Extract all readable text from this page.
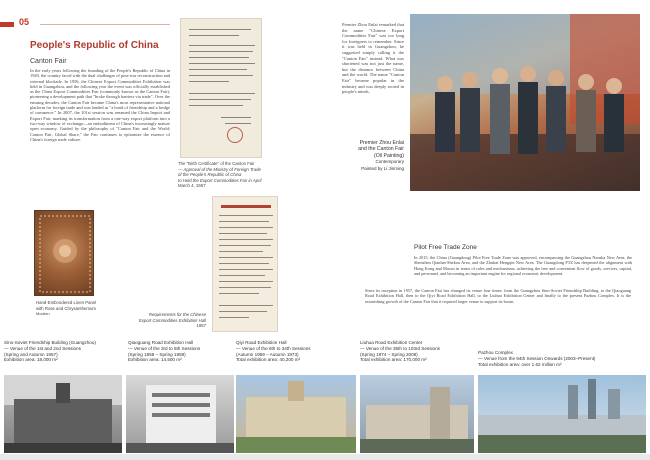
05
People's Republic of China
Canton Fair
In the early years following the founding of the People's Republic of China in 1949, the country faced with the dual challenges of post-war reconstruction and external blockade. In 1956, the Chinese Export Commodities Exhibition was held in Guangzhou, and the following year the event was officially established as the China Export Commodities Fair (commonly known as the Canton Fair), pioneering a development path that "broke through barriers via trade". Over the ensuing decades, the Canton Fair became China's most representative national platform for foreign trade and was lauded as "a bond of friendship and a bridge of commerce." In 2007, the 101st session was renamed the China Import and Export Fair, marking its transformation from a one-way export platform into a two-way window of exchange—an embodiment of China's increasingly mature open economy. Guided by the philosophy of "Canton Fair and the World; Canton Fair, Global Share," the Fair continues to epitomize the essence of China's foreign trade culture.
The "Birth Certificate" of the Canton Fair
— Approval of the Ministry of Foreign Trade
of the People's Republic of China
to Hold the Export Commodities Fair in April
March 4, 1957
Premier Zhou Enlai remarked that the name "Chinese Export Commodities Fair" was too long for foreigners to remember. Since it was held in Guangzhou, he suggested simply calling it the "Canton Fair" instead. What was shortened was not just the name, but the distance between China and the world. The name "Canton Fair" became popular in the industry and was deeply rooted in people's minds.
Premier Zhou Enlai
and the Canton Fair
(Oil Painting)
Contemporary
Painted by Li Jinming
Requirements for the Chinese
Export Commodities Exhibition Hall
1957
Hand-Embroidered Linen Panel
with Rose and Chrysanthemum
Modern
Pilot Free Trade Zone
In 2015, the China (Guangdong) Pilot Free Trade Zone was approved, encompassing the Guangzhou Nansha New Area, the Shenzhen Qianhai-Shekou Area, and the Zhuhai Hengqin New Area. The Guangdong FTZ has deepened the alignment with Hong Kong and Macao in terms of rules and mechanisms, achieving the free and convenient flow of goods, services, capital, and personnel, and becoming an important engine for regional economic development.
Since its inception in 1957, the Canton Fair has changed its venue four times: from the Guangzhou Sino-Soviet Friendship Building, to the Qiaoguang Road Exhibition Hall, then to the Qiyi Road Exhibition Hall, to the Liuhua Exhibition Center and finally to the present Pazhou Complex. It is the astonishing growth of the Canton Fair that it required larger venue to support its boom.
Sino-Soviet Friendship Building (Guangzhou)
— Venue of the 1st and 2nd Sessions
(Spring and Autumn 1957)
Exhibition area: 18,000 m²
Qiaoguang Road Exhibition Hall
— Venue of the 3rd to 5th Sessions
(Spring 1958 – Spring 1959)
Exhibition area: 14,500 m²
Qiyi Road Exhibition Hall
— Venue of the 6th to 34th Sessions
(Autumn 1959 – Autumn 1973)
Total exhibition area: 40,200 m²
Liuhua Road Exhibition Center
— Venue of the 35th to 103rd Sessions
(Spring 1974 – Spring 2008)
Total exhibition area: 170,000 m²
Pazhou Complex
— Venue from the 94th Session Onwards (2003–Present)
Total exhibition area: over 1.62 million m²
